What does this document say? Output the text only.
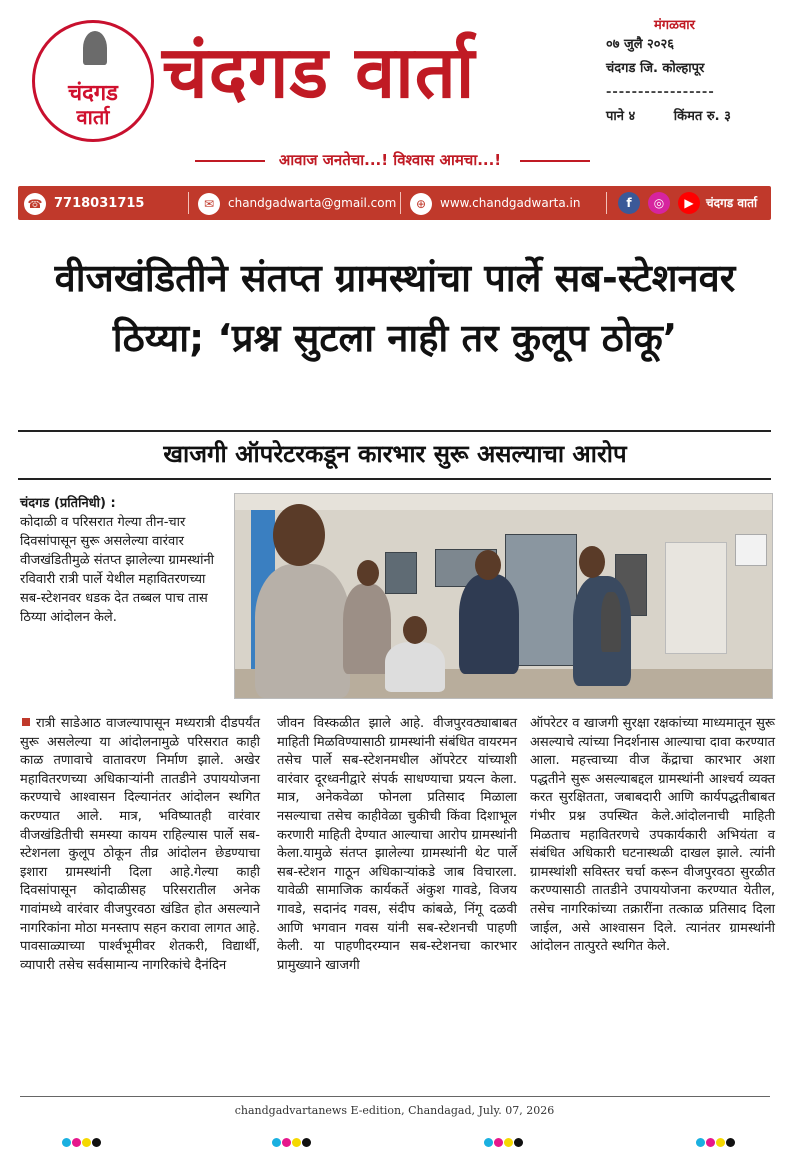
चंदगड
वार्ता
चंदगड वार्ता
आवाज जनतेचा...! विश्वास आमचा...!
मंगळवार
०७ जुलै २०२६
चंदगड जि. कोल्हापूर
-----------------
पाने ४	किंमत रु. ३
☎ 7718031715	✉ chandgadwarta@gmail.com	⊕ www.chandgadwarta.in	f	◎	▶	चंदगड वार्ता
वीजखंडितीने संतप्त ग्रामस्थांचा पार्ले सब-स्टेशनवर ठिय्या; ‘प्रश्न सुटला नाही तर कुलूप ठोकू’
खाजगी ऑपरेटरकडून कारभार सुरू असल्याचा आरोप
चंदगड (प्रतिनिधी) :
कोदाळी व परिसरात गेल्या तीन-चार दिवसांपासून सुरू असलेल्या वारंवार वीजखंडितीमुळे संतप्त झालेल्या ग्रामस्थांनी रविवारी रात्री पार्ले येथील महावितरणच्या सब-स्टेशनवर धडक देत तब्बल पाच तास ठिय्या आंदोलन केले.
रात्री साडेआठ वाजल्यापासून मध्यरात्री दीडपर्यंत सुरू असलेल्या या आंदोलनामुळे परिसरात काही काळ तणावाचे वातावरण निर्माण झाले. अखेर महावितरणच्या अधिकाऱ्यांनी तातडीने उपाययोजना करण्याचे आश्वासन दिल्यानंतर आंदोलन स्थगित करण्यात आले. मात्र, भविष्यातही वारंवार वीजखंडितीची समस्या कायम राहिल्यास पार्ले सब-स्टेशनला कुलूप ठोकून तीव्र आंदोलन छेडण्याचा इशारा ग्रामस्थांनी दिला आहे.गेल्या काही दिवसांपासून कोदाळीसह परिसरातील अनेक गावांमध्ये वारंवार वीजपुरवठा खंडित होत असल्याने नागरिकांना मोठा मनस्ताप सहन करावा लागत आहे. पावसाळ्याच्या पार्श्वभूमीवर शेतकरी, विद्यार्थी, व्यापारी तसेच सर्वसामान्य नागरिकांचे दैनंदिन
जीवन विस्कळीत झाले आहे. वीजपुरवठ्याबाबत माहिती मिळविण्यासाठी ग्रामस्थांनी संबंधित वायरमन तसेच पार्ले सब-स्टेशनमधील ऑपरेटर यांच्याशी वारंवार दूरध्वनीद्वारे संपर्क साधण्याचा प्रयत्न केला. मात्र, अनेकवेळा फोनला प्रतिसाद मिळाला नसल्याचा तसेच काहीवेळा चुकीची किंवा दिशाभूल करणारी माहिती देण्यात आल्याचा आरोप ग्रामस्थांनी केला.यामुळे संतप्त झालेल्या ग्रामस्थांनी थेट पार्ले सब-स्टेशन गाठून अधिकाऱ्यांकडे जाब विचारला. यावेळी सामाजिक कार्यकर्ते अंकुश गावडे, विजय गावडे, सदानंद गवस, संदीप कांबळे, निंगू दळवी आणि भगवान गवस यांनी सब-स्टेशनची पाहणी केली. या पाहणीदरम्यान सब-स्टेशनचा कारभार प्रामुख्याने खाजगी
ऑपरेटर व खाजगी सुरक्षा रक्षकांच्या माध्यमातून सुरू असल्याचे त्यांच्या निदर्शनास आल्याचा दावा करण्यात आला. महत्त्वाच्या वीज केंद्राचा कारभार अशा पद्धतीने सुरू असल्याबद्दल ग्रामस्थांनी आश्चर्य व्यक्त करत सुरक्षितता, जबाबदारी आणि कार्यपद्धतीबाबत गंभीर प्रश्न उपस्थित केले.आंदोलनाची माहिती मिळताच महावितरणचे उपकार्यकारी अभियंता व संबंधित अधिकारी घटनास्थळी दाखल झाले. त्यांनी ग्रामस्थांशी सविस्तर चर्चा करून वीजपुरवठा सुरळीत करण्यासाठी तातडीने उपाययोजना करण्यात येतील, तसेच नागरिकांच्या तक्रारींना तत्काळ प्रतिसाद दिला जाईल, असे आश्वासन दिले. त्यानंतर ग्रामस्थांनी आंदोलन तात्पुरते स्थगित केले.
chandgadvartanews E-edition, Chandagad, July. 07, 2026
